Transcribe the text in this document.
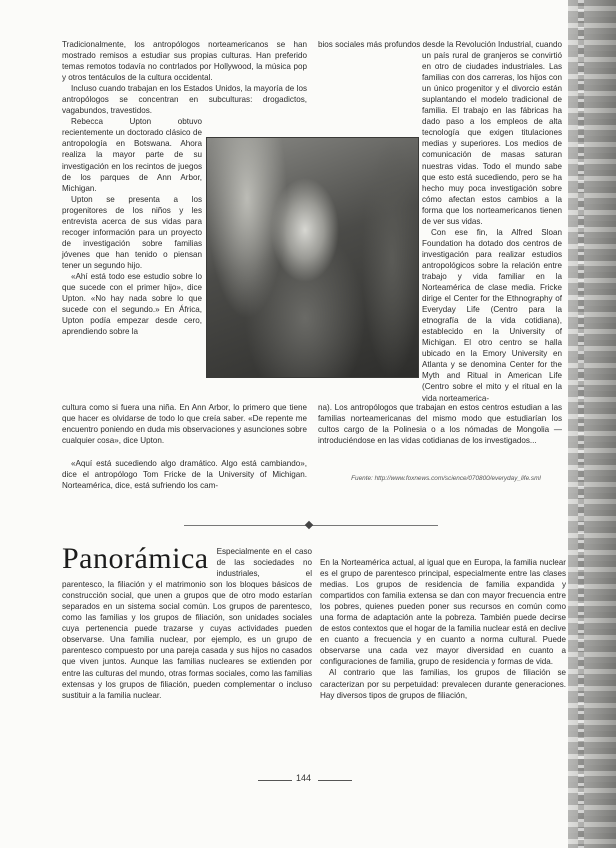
Tradicionalmente, los antropólogos norteamericanos se han mostrado remisos a estudiar sus propias culturas. Han preferido temas remotos todavía no contrlados por Hollywood, la música pop y otros tentáculos de la cultura occidental.

Incluso cuando trabajan en los Estados Unidos, la mayoría de los antropólogos se concentran en subculturas: drogadictos, vagabundos, travestidos.

Rebecca Upton obtuvo recientemente un doctorado clásico de antropología en Botswana. Ahora realiza la mayor parte de su investigación en los recintos de juegos de los parques de Ann Arbor, Michigan.

Upton se presenta a los progenitores de los niños y les entrevista acerca de sus vidas para recoger información para un proyecto de investigación sobre familias jóvenes que han tenido o piensan tener un segundo hijo.

«Ahí está todo ese estudio sobre lo que sucede con el primer hijo», dice Upton. «No hay nada sobre lo que sucede con el segundo.» En África, Upton podía empezar desde cero, aprendiendo sobre la

bios sociales más profundos desde la Revolución Industrial, cuando un país rural de granjeros se convirtió en otro de ciudades industriales. Las familias con dos carreras, los hijos con un único progenitor y el divorcio están suplantando el modelo tradicional de familia. El trabajo en las fábricas ha dado paso a los empleos de alta tecnología que exigen titulaciones medias y superiores. Los medios de comunicación de masas saturan nuestras vidas. Todo el mundo sabe que esto está sucediendo, pero se ha hecho muy poca investigación sobre cómo afectan estos cambios a la forma que los norteamericanos tienen de ver sus vidas.

Con ese fin, la Alfred Sloan Foundation ha dotado dos centros de investigación para realizar estudios antropológicos sobre la relación entre trabajo y vida familiar en la Norteamérica de clase media. Fricke dirige el Center for the Ethnography of Everyday Life (Centro para la etnografía de la vida cotidiana), establecido en la University of Michigan. El otro centro se halla ubicado en la Emory University en Atlanta y se denomina Center for the Myth and Ritual in American Life (Centro sobre el mito y el ritual en la vida norteamerica-

cultura como si fuera una niña. En Ann Arbor, lo primero que tiene que hacer es olvidarse de todo lo que creía saber. «De repente me encuentro poniendo en duda mis observaciones y asunciones sobre cualquier cosa», dice Upton.
«Aquí está sucediendo algo dramático. Algo está cambiando», dice el antropólogo Tom Fricke de la University of Michigan. Norteamérica, dice, está sufriendo los cam-
na). Los antropólogos que trabajan en estos centros estudian a las familias norteamericanas del mismo modo que estudiarían los cultos cargo de la Polinesia o a los nómadas de Mongolia —introduciéndose en las vidas cotidianas de los investigados...
Fuente: http://www.foxnews.com/science/070800/everyday_life.sml
Panorámica Especialmente en el caso de las sociedades no industriales, el parentesco, la filiación y el matrimonio son los bloques básicos de construcción social, que unen a grupos que de otro modo estarían separados en un sistema social común. Los grupos de parentesco, como las familias y los grupos de filiación, son unidades sociales cuya pertenencia puede trazarse y cuyas actividades pueden observarse. Una familia nuclear, por ejemplo, es un grupo de parentesco compuesto por una pareja casada y sus hijos no casados que viven juntos. Aunque las familias nucleares se extienden por entre las culturas del mundo, otras formas sociales, como las familias extensas y los grupos de filiación, pueden complementar o incluso sustituir a la familia nuclear.

En la Norteamérica actual, al igual que en Europa, la familia nuclear es el grupo de parentesco principal, especialmente entre las clases medias. Los grupos de residencia de familia expandida y compartidos con familia extensa se dan con mayor frecuencia entre los pobres, quienes pueden poner sus recursos en común como una forma de adaptación ante la pobreza. También puede decirse de estos contextos que el hogar de la familia nuclear está en declive en cuanto a frecuencia y en cuanto a norma cultural. Puede observarse una cada vez mayor diversidad en cuanto a configuraciones de familia, grupo de residencia y formas de vida.

Al contrario que las familias, los grupos de filiación se caracterizan por su perpetuidad: prevalecen durante generaciones. Hay diversos tipos de grupos de filiación,

144
